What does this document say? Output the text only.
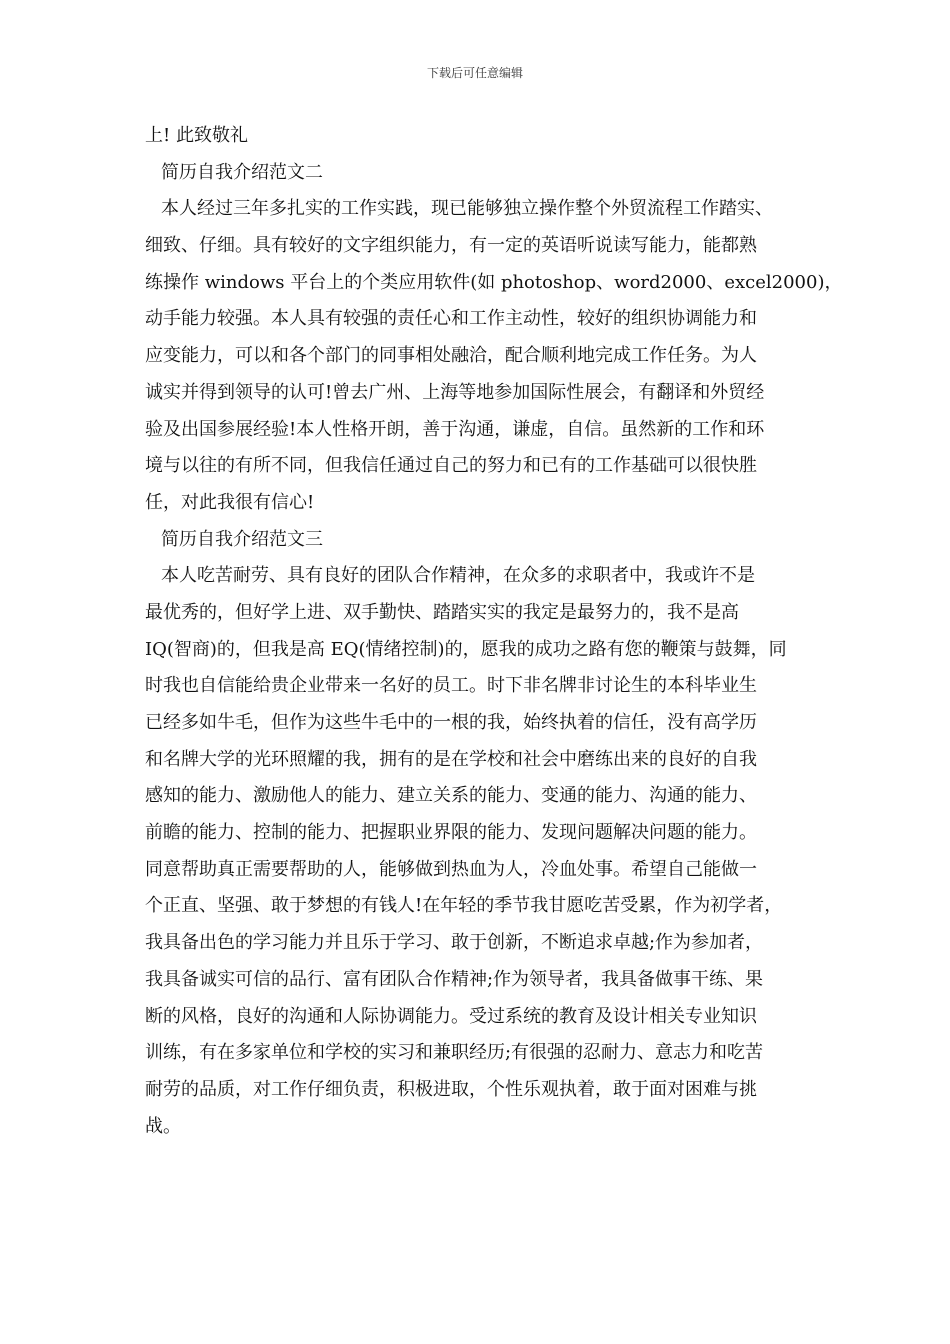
下载后可任意编辑
上! 此致敬礼
简历自我介绍范文二
本人经过三年多扎实的工作实践，现已能够独立操作整个外贸流程工作踏实、
细致、仔细。具有较好的文字组织能力，有一定的英语听说读写能力，能都熟
练操作 windows 平台上的个类应用软件(如 photoshop、word2000、excel2000)，
动手能力较强。本人具有较强的责任心和工作主动性，较好的组织协调能力和
应变能力，可以和各个部门的同事相处融洽，配合顺利地完成工作任务。为人
诚实并得到领导的认可!曾去广州、上海等地参加国际性展会，有翻译和外贸经
验及出国参展经验!本人性格开朗，善于沟通，谦虚，自信。虽然新的工作和环
境与以往的有所不同，但我信任通过自己的努力和已有的工作基础可以很快胜
任，对此我很有信心!
简历自我介绍范文三
本人吃苦耐劳、具有良好的团队合作精神，在众多的求职者中，我或许不是
最优秀的，但好学上进、双手勤快、踏踏实实的我定是最努力的，我不是高
IQ(智商)的，但我是高 EQ(情绪控制)的，愿我的成功之路有您的鞭策与鼓舞，同
时我也自信能给贵企业带来一名好的员工。时下非名牌非讨论生的本科毕业生
已经多如牛毛，但作为这些牛毛中的一根的我，始终执着的信任，没有高学历
和名牌大学的光环照耀的我，拥有的是在学校和社会中磨练出来的良好的自我
感知的能力、激励他人的能力、建立关系的能力、变通的能力、沟通的能力、
前瞻的能力、控制的能力、把握职业界限的能力、发现问题解决问题的能力。
同意帮助真正需要帮助的人，能够做到热血为人，冷血处事。希望自己能做一
个正直、坚强、敢于梦想的有钱人!在年轻的季节我甘愿吃苦受累，作为初学者，
我具备出色的学习能力并且乐于学习、敢于创新，不断追求卓越;作为参加者，
我具备诚实可信的品行、富有团队合作精神;作为领导者，我具备做事干练、果
断的风格，良好的沟通和人际协调能力。受过系统的教育及设计相关专业知识
训练，有在多家单位和学校的实习和兼职经历;有很强的忍耐力、意志力和吃苦
耐劳的品质，对工作仔细负责，积极进取，个性乐观执着，敢于面对困难与挑
战。
